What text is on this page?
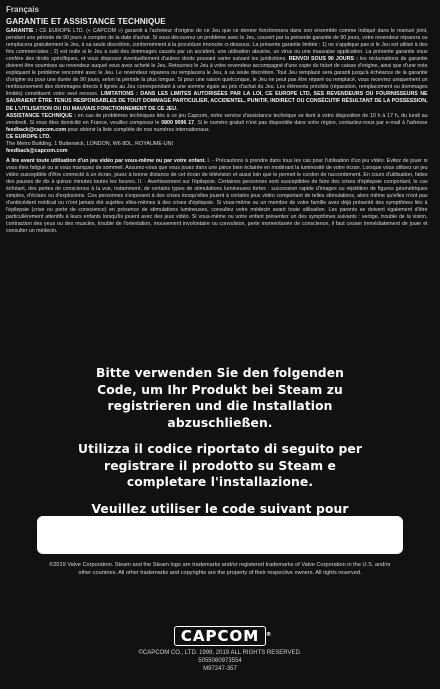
Français
GARANTIE ET ASSISTANCE TECHNIQUE
GARANTIE : CE EUROPE LTD. (« CAPCOM ») garantit à l'acheteur d'origine de ce Jeu que ce dernier fonctionnera dans son ensemble comme indiqué dans le manuel joint, pendant une période de 90 jours à compter de la date d'achat. Si vous découvrez un problème avec le Jeu, couvert par la présente garantie de 90 jours, votre revendeur réparera ou remplacera gratuitement le Jeu, à sa seule discrétion, conformément à la procédure énoncée ci-dessous. La présente garantie limitée : 1) ne s'applique pas si le Jeu est utilisé à des fins commerciales ; 2) est nulle si le Jeu a subi des dommages causés par un accident, une utilisation abusive, un virus ou une mauvaise application. La présente garantie vous confère des droits spécifiques, et vous disposez éventuellement d'autres droits pouvant varier suivant les juridictions. RENVOI SOUS 90 JOURS : les réclamations de garantie doivent être soumises au revendeur auquel vous avez acheté le Jeu. Retournez le Jeu à votre revendeur accompagné d'une copie du ticket de caisse d'origine, ainsi que d'une note expliquant le problème rencontré avec le Jeu. Le revendeur réparera ou remplacera le Jeu, à sa seule discrétion. Tout Jeu remplacé sera garanti jusqu'à échéance de la garantie d'origine ou pour une durée de 90 jours, selon la période la plus longue. Si pour une raison quelconque, le Jeu ne peut pas être réparé ou remplacé, vous recevrez uniquement un remboursement des dommages directs il lignés au Jeu correspondant à une somme égale au prix d'achat du Jeu. Les éléments précités (réparation, remplacement ou dommages limités) constituent votre seul recours. LIMITATIONS : DANS LES LIMITES AUTORISÉES PAR LA LOI, CE EUROPE LTD, SES REVENDEURS OU FOURNISSEURS NE SAURAIENT ÊTRE TENUS RESPONSABLES DE TOUT DOMMAGE PARTICULIER, ACCIDENTEL, PUNITIF, INDIRECT OU CONSÉCUTIF RÉSULTANT DE LA POSSESSION, DE L'UTILISATION OU DU MAUVAIS FONCTIONNEMENT DE CE JEU.
ASSISTANCE TECHNIQUE : en cas de problèmes techniques liés à ce jeu Capcom, notre service d'assistance technique se tient à votre disposition de 10 h à 17 h, du lundi au vendredi. Si vous êtes domicilié en France, veuillez composez le 0800 9096 17. Si le numéro gratuit n'est pas disponible dans votre région, contactez-nous par e-mail à l'adresse feedback@capcom.com pour obtenir la liste complète de nos numéros internationaux.
CE EUROPE LTD.
The Metro Building, 1 Butterwick, LONDON, W6 8DL, ROYAUME-UNI
feedback@capcom.com
A lire avant toute utilisation d'un jeu vidéo par vous-même ou par votre enfant. I. - Précautions à prendre dans tous les cas pour l'utilisation d'un jeu vidéo. Evitez de jouer si vous êtes fatigué ou si vous manquez de sommeil. Assurez-vous que vous jouez dans une pièce bien éclairée en modérant la luminosité de votre écran. Lorsque vous utilisez un jeu vidéo susceptible d'être connecté à un écran, jouez à bonne distance de cet écran de télévision et aussi loin que le permet le cordon de raccordement. En cours d'utilisation, faites des pauses de dix à quinze minutes toutes les heures. II. - Avertissement sur l'épilepsie. Certaines personnes sont susceptibles de faire des crises d'épilepsie comportant, le cas échéant, des pertes de conscience à la vue, notamment, de certains types de stimulations lumineuses fortes : succession rapide d'images ou répétition de figures géométriques simples, d'éclairs ou d'explosions. Ces personnes s'exposent à des crises lorsqu'elles jouent à certains jeux vidéo comportant de telles stimulations, alors même qu'elles n'ont pas d'antécédent médical ou n'ont jamais été sujettes elles-mêmes à des crises d'épilepsie. Si vous-même ou un membre de votre famille avez déjà présenté des symptômes liés à l'épilepsie (crise ou perte de conscience) en présence de stimulations lumineuses, consultez votre médecin avant toute utilisation. Les parents se doivent également d'être particulièrement attentifs à leurs enfants lorsqu'ils jouent avec des jeux vidéo. Si vous-même ou votre enfant présentez un des symptômes suivants : vertige, trouble de la vision, contraction des yeux ou des muscles, trouble de l'orientation, mouvement involontaire ou convulsion, perte momentanée de conscience, il faut cesser immédiatement de jouer et consulter un médecin.
Bitte verwenden Sie den folgenden Code, um Ihr Produkt bei Steam zu registrieren und die Installation abzuschließen.
Utilizza il codice riportato di seguito per registrare il prodotto su Steam e completare l'installazione.
Veuillez utiliser le code suivant pour
©2019 Valve Corporation. Steam and the Steam logo are trademarks and/or registered trademarks of Valve Corporation in the U.S. and/or other countries. All other trademarks and copyrights are the property of their respective owners. All rights reserved.
CAPCOM ®
©CAPCOM CO., LTD. 1998, 2019 ALL RIGHTS RESERVED.
5055060973554
M97247-357
